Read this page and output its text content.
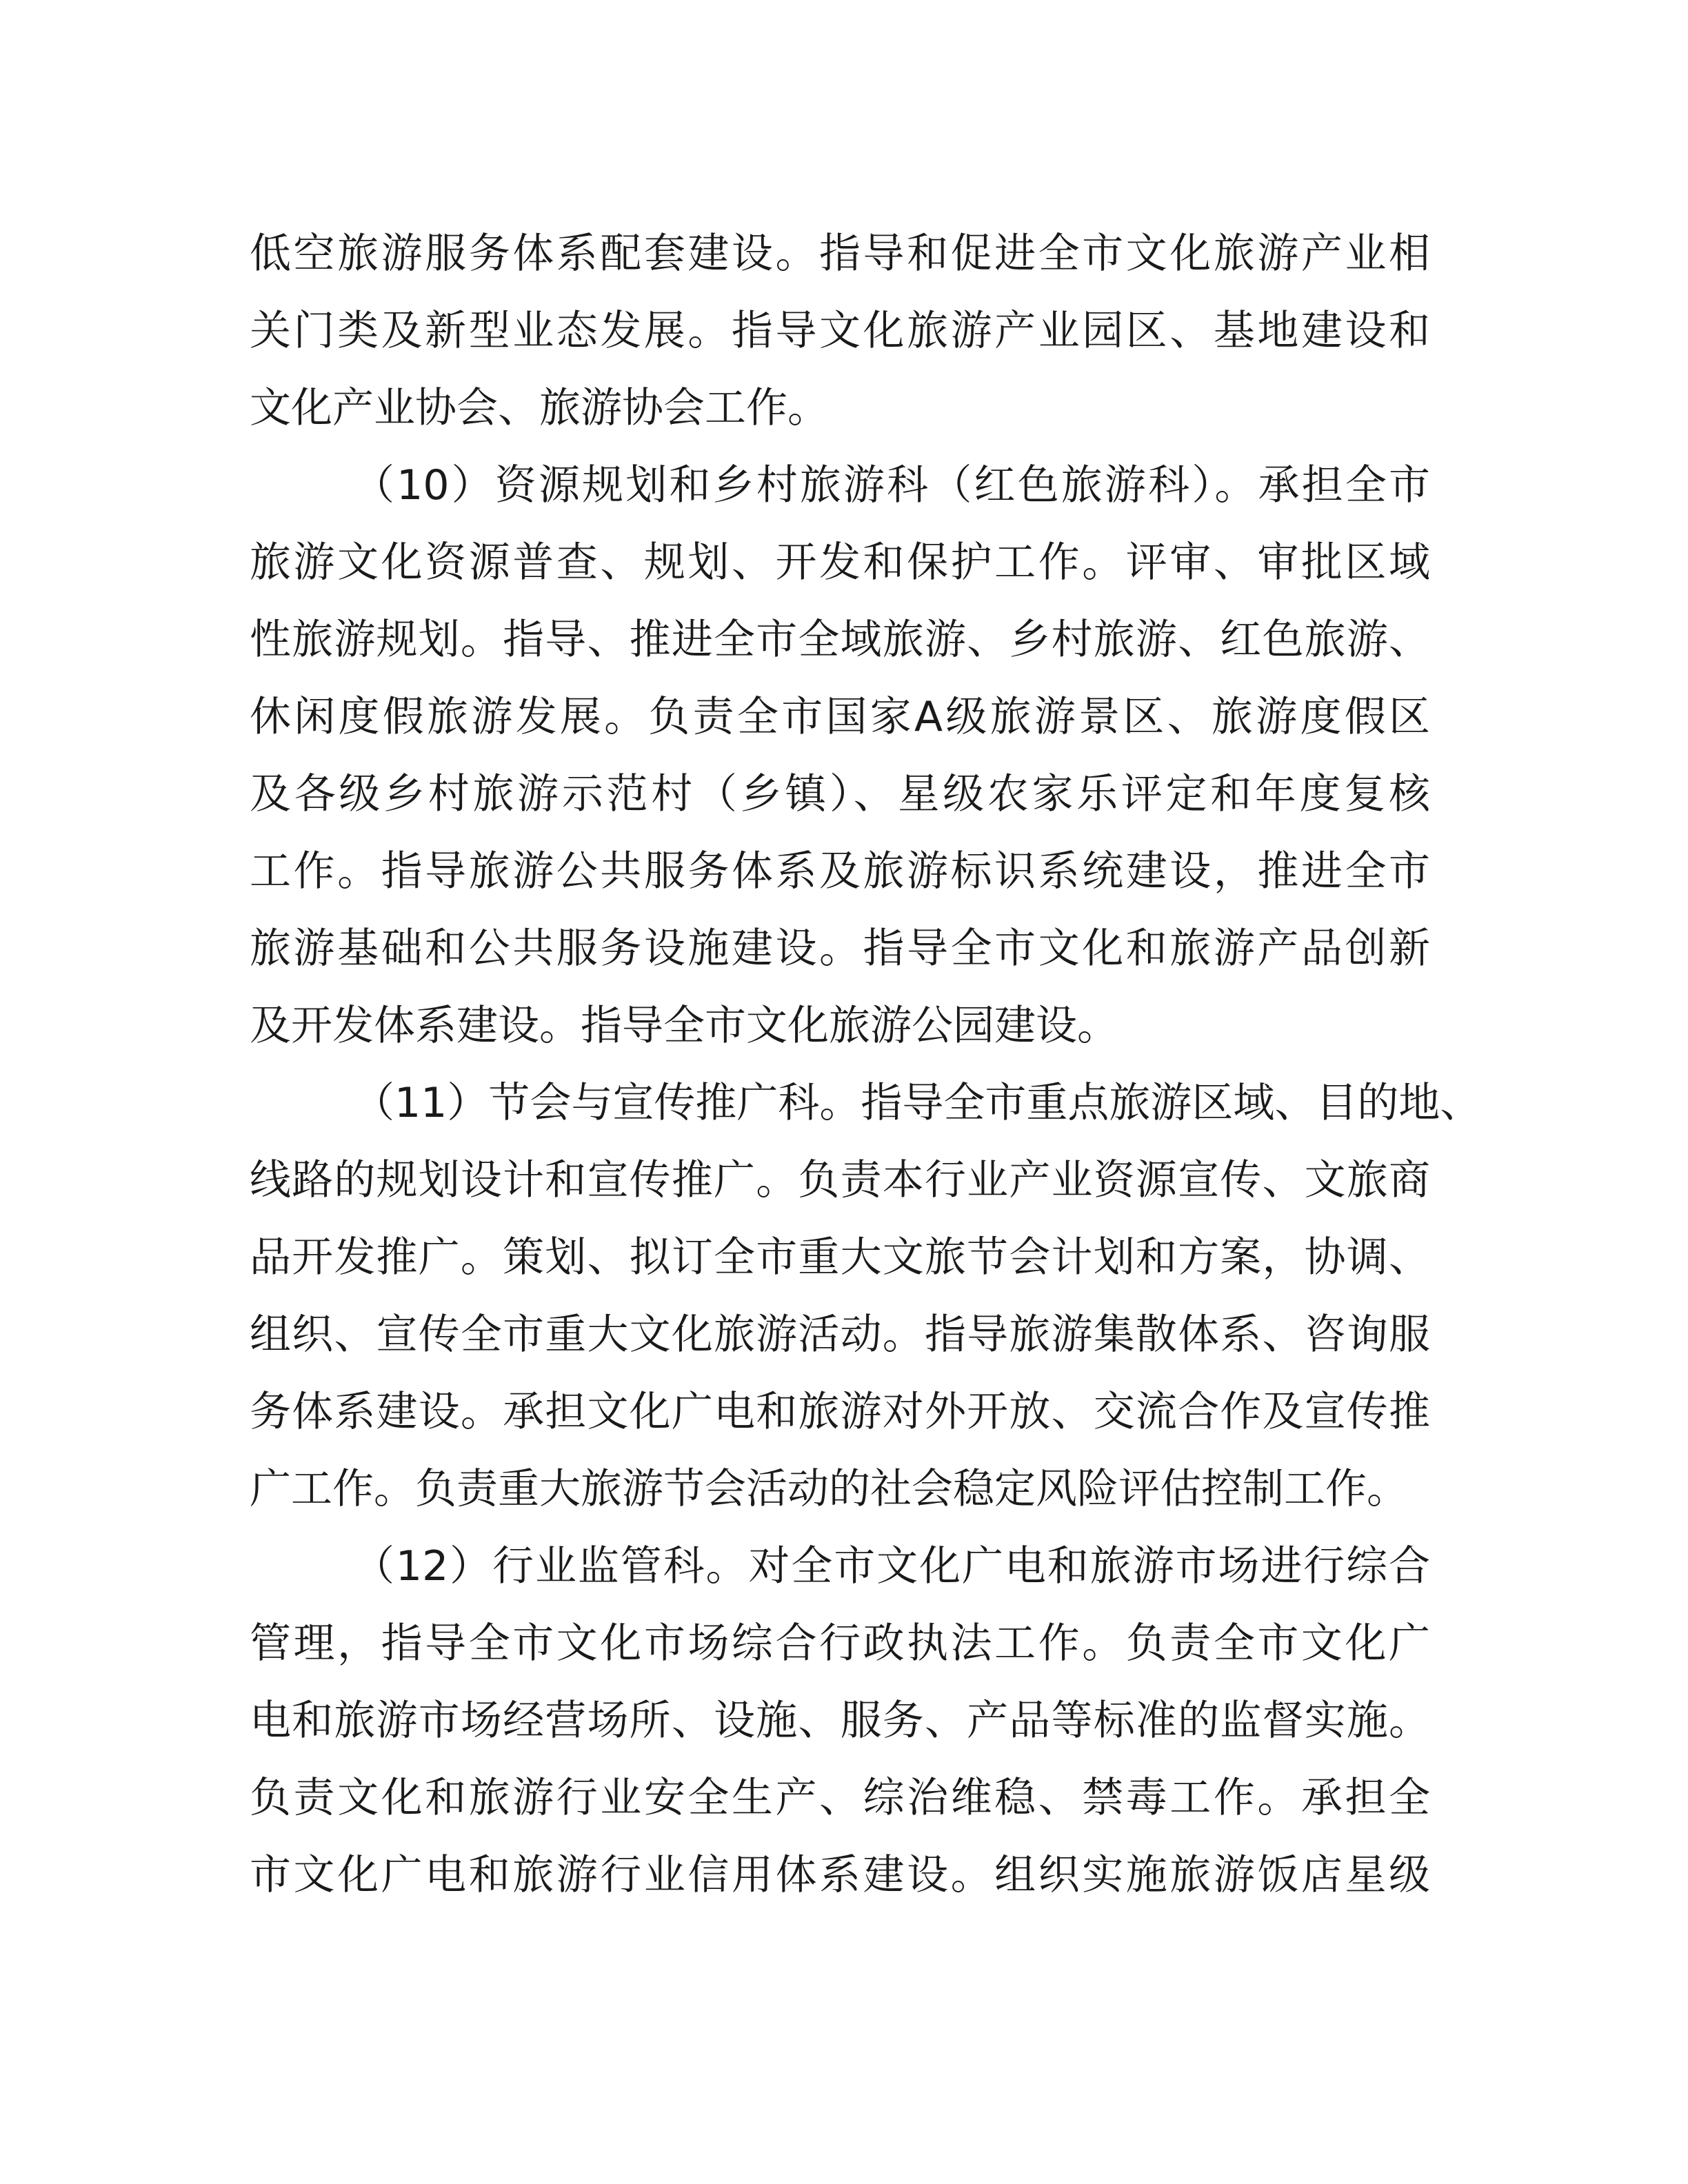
低空旅游服务体系配套建设。指导和促进全市文化旅游产业相
关门类及新型业态发展。指导文化旅游产业园区、基地建设和
文化产业协会、旅游协会工作。
（10）资源规划和乡村旅游科（红色旅游科）。承担全市
旅游文化资源普查、规划、开发和保护工作。评审、审批区域
性旅游规划。指导、推进全市全域旅游、乡村旅游、红色旅游、
休闲度假旅游发展。负责全市国家A级旅游景区、旅游度假区
及各级乡村旅游示范村（乡镇）、星级农家乐评定和年度复核
工作。指导旅游公共服务体系及旅游标识系统建设，推进全市
旅游基础和公共服务设施建设。指导全市文化和旅游产品创新
及开发体系建设。指导全市文化旅游公园建设。
（11）节会与宣传推广科。指导全市重点旅游区域、目的地、
线路的规划设计和宣传推广。负责本行业产业资源宣传、文旅商
品开发推广。策划、拟订全市重大文旅节会计划和方案，协调、
组织、宣传全市重大文化旅游活动。指导旅游集散体系、咨询服
务体系建设。承担文化广电和旅游对外开放、交流合作及宣传推
广工作。负责重大旅游节会活动的社会稳定风险评估控制工作。
（12）行业监管科。对全市文化广电和旅游市场进行综合
管理，指导全市文化市场综合行政执法工作。负责全市文化广
电和旅游市场经营场所、设施、服务、产品等标准的监督实施。
负责文化和旅游行业安全生产、综治维稳、禁毒工作。承担全
市文化广电和旅游行业信用体系建设。组织实施旅游饭店星级
